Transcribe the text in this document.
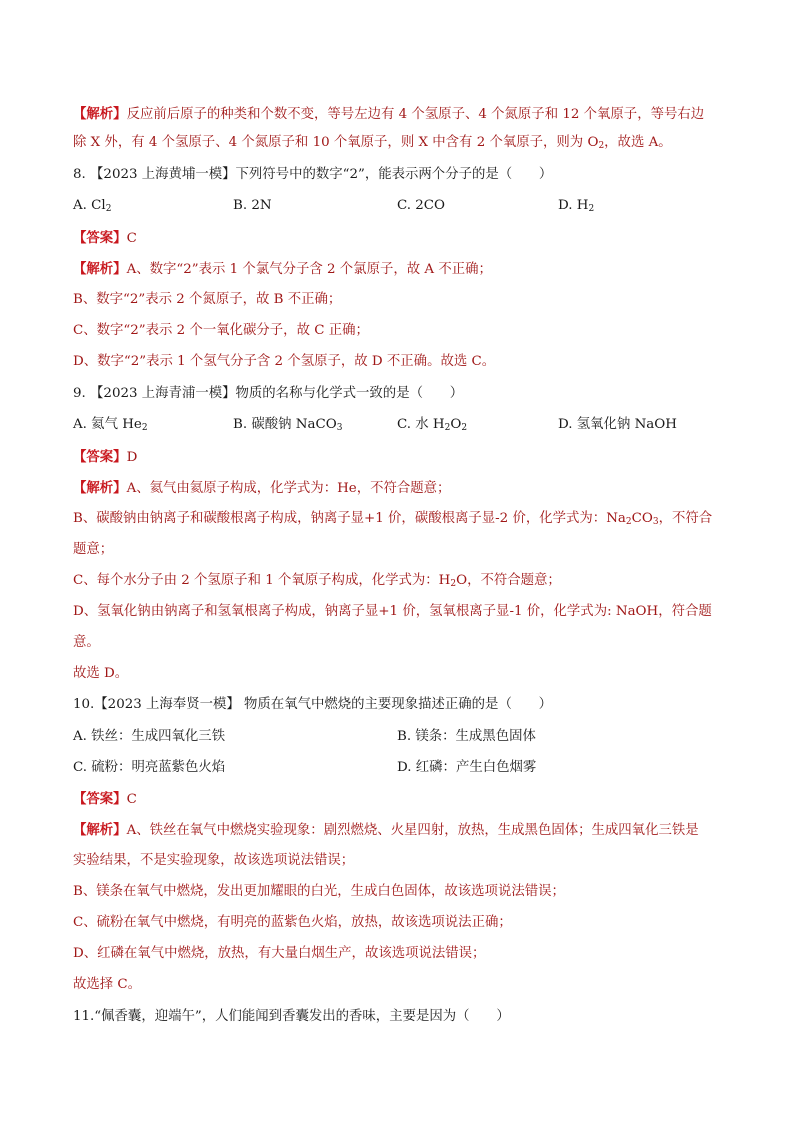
【解析】反应前后原子的种类和个数不变，等号左边有 4 个氢原子、4 个氮原子和 12 个氧原子，等号右边
除 X 外，有 4 个氢原子、4 个氮原子和 10 个氧原子，则 X 中含有 2 个氧原子，则为 $O_2$，故选 A。
8. 【2023 上海黄埔一模】下列符号中的数字“2”，能表示两个分子的是（　　）
A. $Cl_2$	B. 2N	C. 2CO	D. $H_2$
【答案】C
【解析】A、数字“2”表示 1 个氯气分子含 2 个氯原子，故 A 不正确；
B、数字“2”表示 2 个氮原子，故 B 不正确；
C、数字“2”表示 2 个一氧化碳分子，故 C 正确；
D、数字“2”表示 1 个氢气分子含 2 个氢原子，故 D 不正确。故选 C。
9. 【2023 上海青浦一模】物质的名称与化学式一致的是（　　）
A. 氦气 $He_2$	B. 碳酸钠 NaCO$_3$	C. 水 $H_2O_2$	D. 氢氧化钠 NaOH
【答案】D
【解析】A、氦气由氦原子构成，化学式为：He，不符合题意；
B、碳酸钠由钠离子和碳酸根离子构成，钠离子显+1 价，碳酸根离子显-2 价，化学式为：$Na_2CO_3$，不符合
题意；
C、每个水分子由 2 个氢原子和 1 个氧原子构成，化学式为：$H_2O$，不符合题意；
D、氢氧化钠由钠离子和氢氧根离子构成，钠离子显+1 价，氢氧根离子显-1 价，化学式为: NaOH，符合题
意。
故选 D。
10.【2023 上海奉贤一模】 物质在氧气中燃烧的主要现象描述正确的是（　　）
A. 铁丝：生成四氧化三铁	B. 镁条：生成黑色固体
C. 硫粉：明亮蓝紫色火焰	D. 红磷：产生白色烟雾
【答案】C
【解析】A、铁丝在氧气中燃烧实验现象：剧烈燃烧、火星四射，放热，生成黑色固体；生成四氧化三铁是
实验结果，不是实验现象，故该选项说法错误；
B、镁条在氧气中燃烧，发出更加耀眼的白光，生成白色固体，故该选项说法错误；
C、硫粉在氧气中燃烧，有明亮的蓝紫色火焰，放热，故该选项说法正确；
D、红磷在氧气中燃烧，放热，有大量白烟生产，故该选项说法错误；
故选择 C。
11.“佩香囊，迎端午”，人们能闻到香囊发出的香味，主要是因为（　　）
